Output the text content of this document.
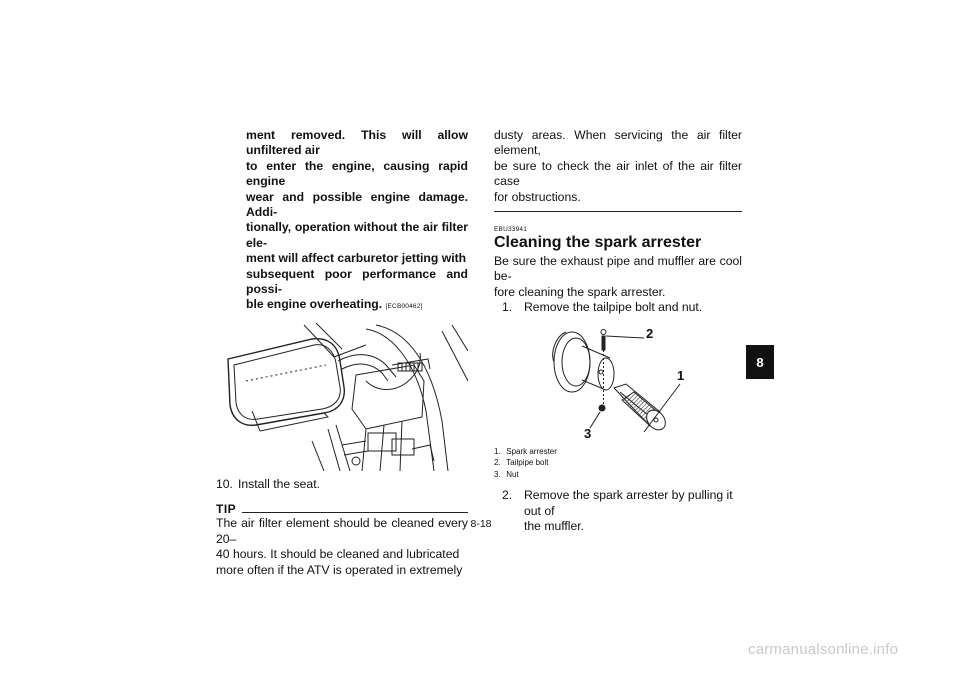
ment removed. This will allow unfiltered air

to enter the engine, causing rapid engine

wear and possible engine damage. Addi-

tionally, operation without the air filter ele-

ment will affect carburetor jetting with

subsequent poor performance and possi-

ble engine overheating. [ECB00462]

10. Install the seat.
TIP

The air filter element should be cleaned every 20–

40 hours. It should be cleaned and lubricated

more often if the ATV is operated in extremely

dusty areas. When servicing the air filter element,

be sure to check the air inlet of the air filter case

for obstructions.

EBU33941
Cleaning the spark arrester

Be sure the exhaust pipe and muffler are cool be-

fore cleaning the spark arrester.

1. Remove the tailpipe bolt and nut.
2
1
3
1.
Spark arrester
2.
Tailpipe bolt
3.
Nut
2. Remove the spark arrester by pulling it out of
the muffler.
8
8-18
carmanualsonline.info
